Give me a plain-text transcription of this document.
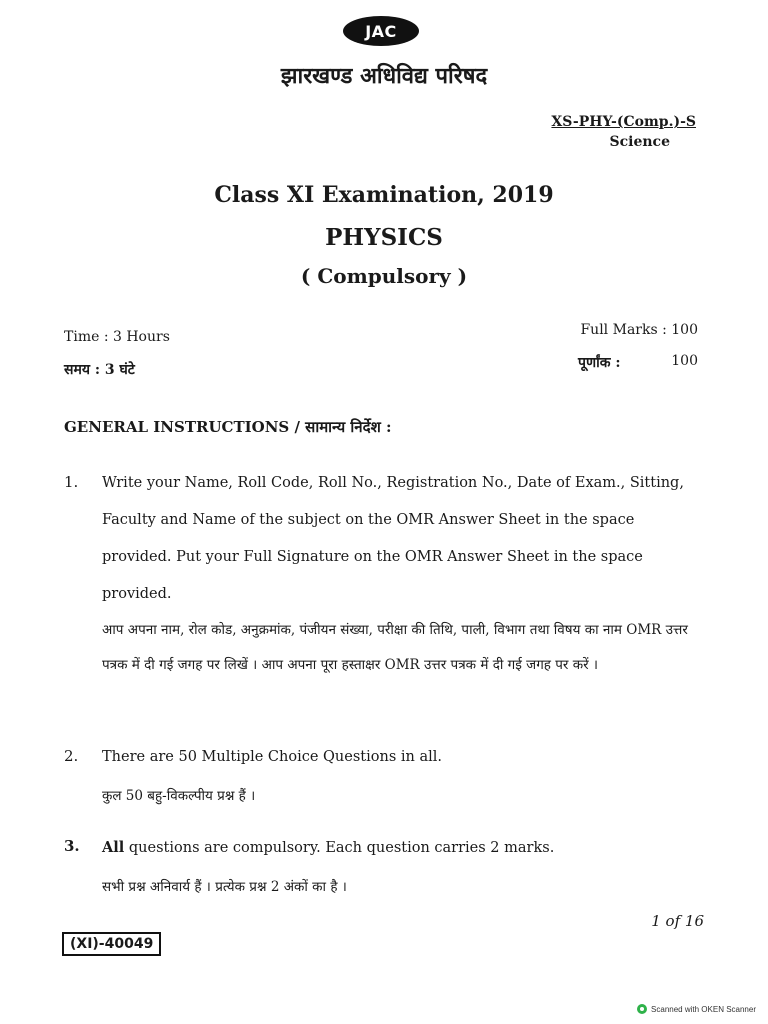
JAC
झारखण्ड अधिविद्य परिषद
XS-PHY-(Comp.)-S
Science
Class XI Examination, 2019
PHYSICS
( Compulsory )
Time : 3 Hours
समय : 3 घंटे
Full Marks : 100
पूर्णांक :	100
GENERAL INSTRUCTIONS / सामान्य निर्देश :
1. Write your Name, Roll Code, Roll No., Registration No., Date of Exam., Sitting, Faculty and Name of the subject on the OMR Answer Sheet in the space provided. Put your Full Signature on the OMR Answer Sheet in the space provided.
आप अपना नाम, रोल कोड, अनुक्रमांक, पंजीयन संख्या, परीक्षा की तिथि, पाली, विभाग तथा विषय का नाम OMR उत्तर पत्रक में दी गई जगह पर लिखें । आप अपना पूरा हस्ताक्षर OMR उत्तर पत्रक में दी गई जगह पर करें ।
2. There are 50 Multiple Choice Questions in all.
कुल 50 बहु-विकल्पीय प्रश्न हैं ।
3. All questions are compulsory. Each question carries 2 marks.
सभी प्रश्न अनिवार्य हैं । प्रत्येक प्रश्न 2 अंकों का है ।
1 of 16
(XI)-40049
Scanned with OKEN Scanner
